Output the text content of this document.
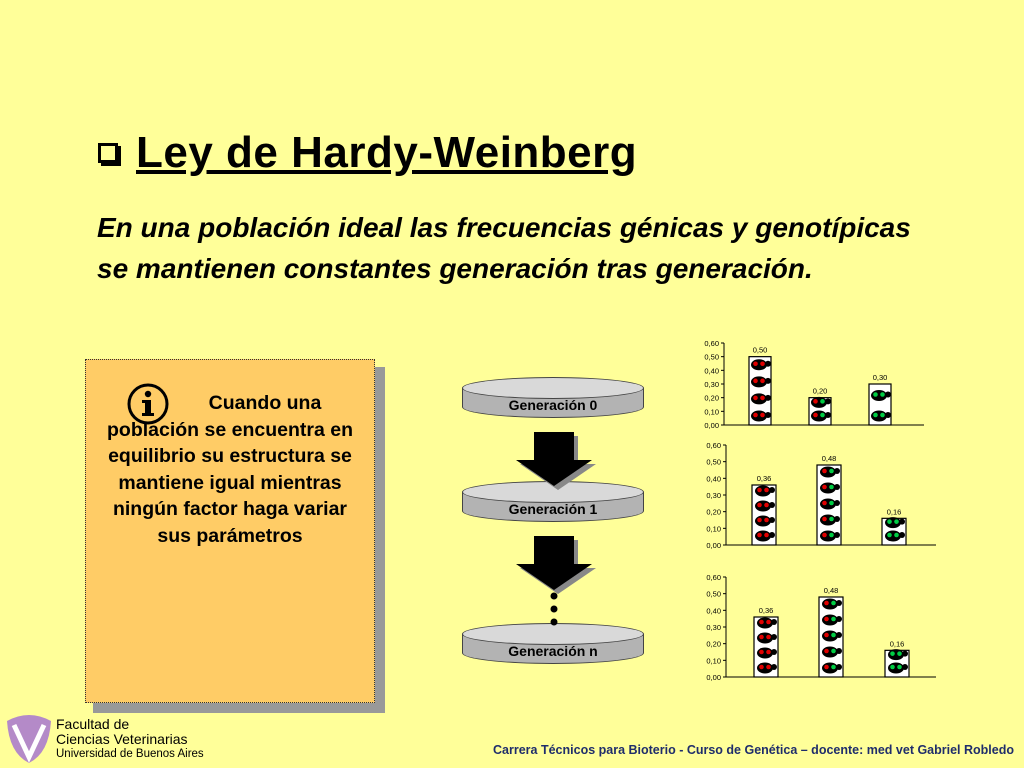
Ley de Hardy-Weinberg
En una población ideal las frecuencias génicas y genotípicas se mantienen constantes generación tras generación.
Cuando una población se encuentra en equilibrio su estructura se mantiene igual mientras ningún factor haga variar sus parámetros
Generación 0
Generación 1
Generación n
0,00
0,10
0,20
0,30
0,40
0,50
0,60
0,50
0,20
0,30
0,00
0,10
0,20
0,30
0,40
0,50
0,60
0,36
0,48
0,16
0,00
0,10
0,20
0,30
0,40
0,50
0,60
0,36
0,48
0,16
Facultad de
Ciencias Veterinarias
Universidad de Buenos Aires	Carrera Técnicos para Bioterio - Curso de Genética – docente: med vet Gabriel Robledo
